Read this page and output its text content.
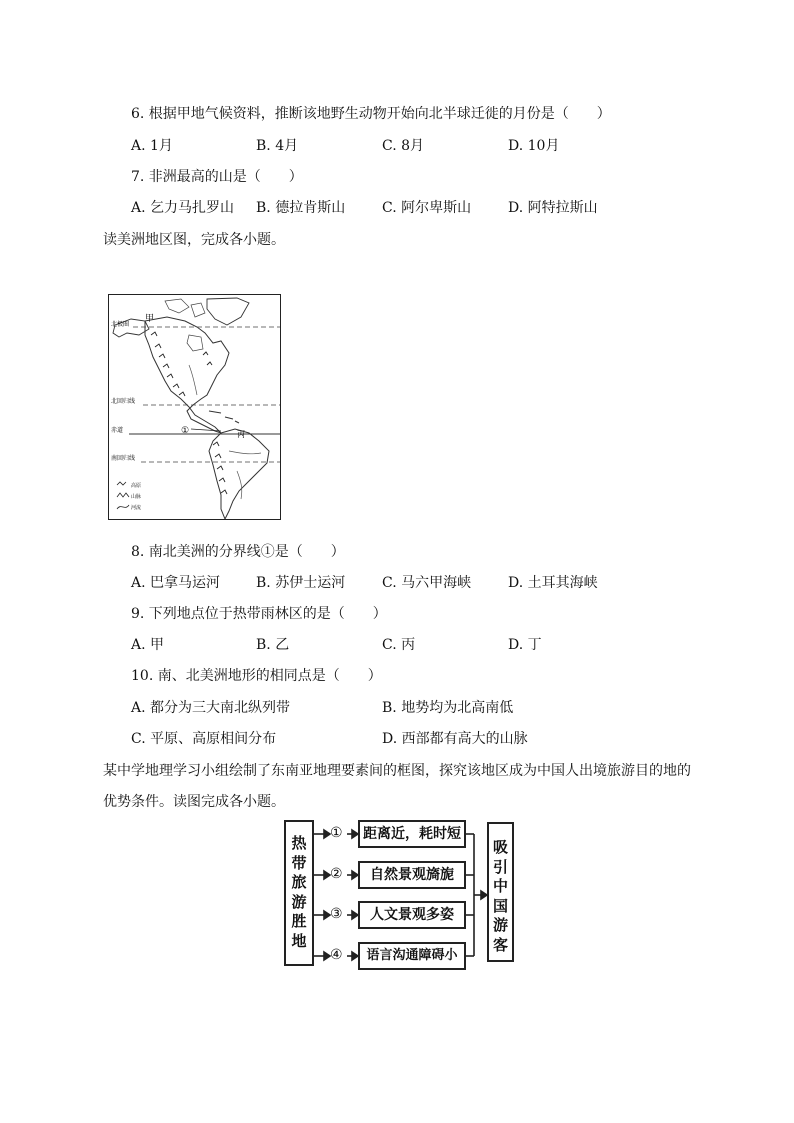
6. 根据甲地气候资料，推断该地野生动物开始向北半球迁徙的月份是（　　）
A. 1月	B. 4月	C. 8月	D. 10月
7. 非洲最高的山是（　　）
A. 乞力马扎罗山 B. 德拉肯斯山	C. 阿尔卑斯山	D. 阿特拉斯山
读美洲地区图，完成各小题。
北极圈
甲
北回归线
赤道
南回归线
①	丙
高原
山脉
河流
8. 南北美洲的分界线①是（　　）
A. 巴拿马运河	B. 苏伊士运河	C. 马六甲海峡	D. 土耳其海峡
9. 下列地点位于热带雨林区的是（　　）
A. 甲	B. 乙	C. 丙	D. 丁
10. 南、北美洲地形的相同点是（　　）
A. 都分为三大南北纵列带	B. 地势均为北高南低
C. 平原、高原相间分布	D. 西部都有高大的山脉
某中学地理学习小组绘制了东南亚地理要素间的框图，探究该地区成为中国人出境旅游目的地的
优势条件。读图完成各小题。
热带旅游胜地
①
②
③
④
距离近，耗时短
自然景观旖旎
人文景观多姿
语言沟通障碍小
吸引中国游客
